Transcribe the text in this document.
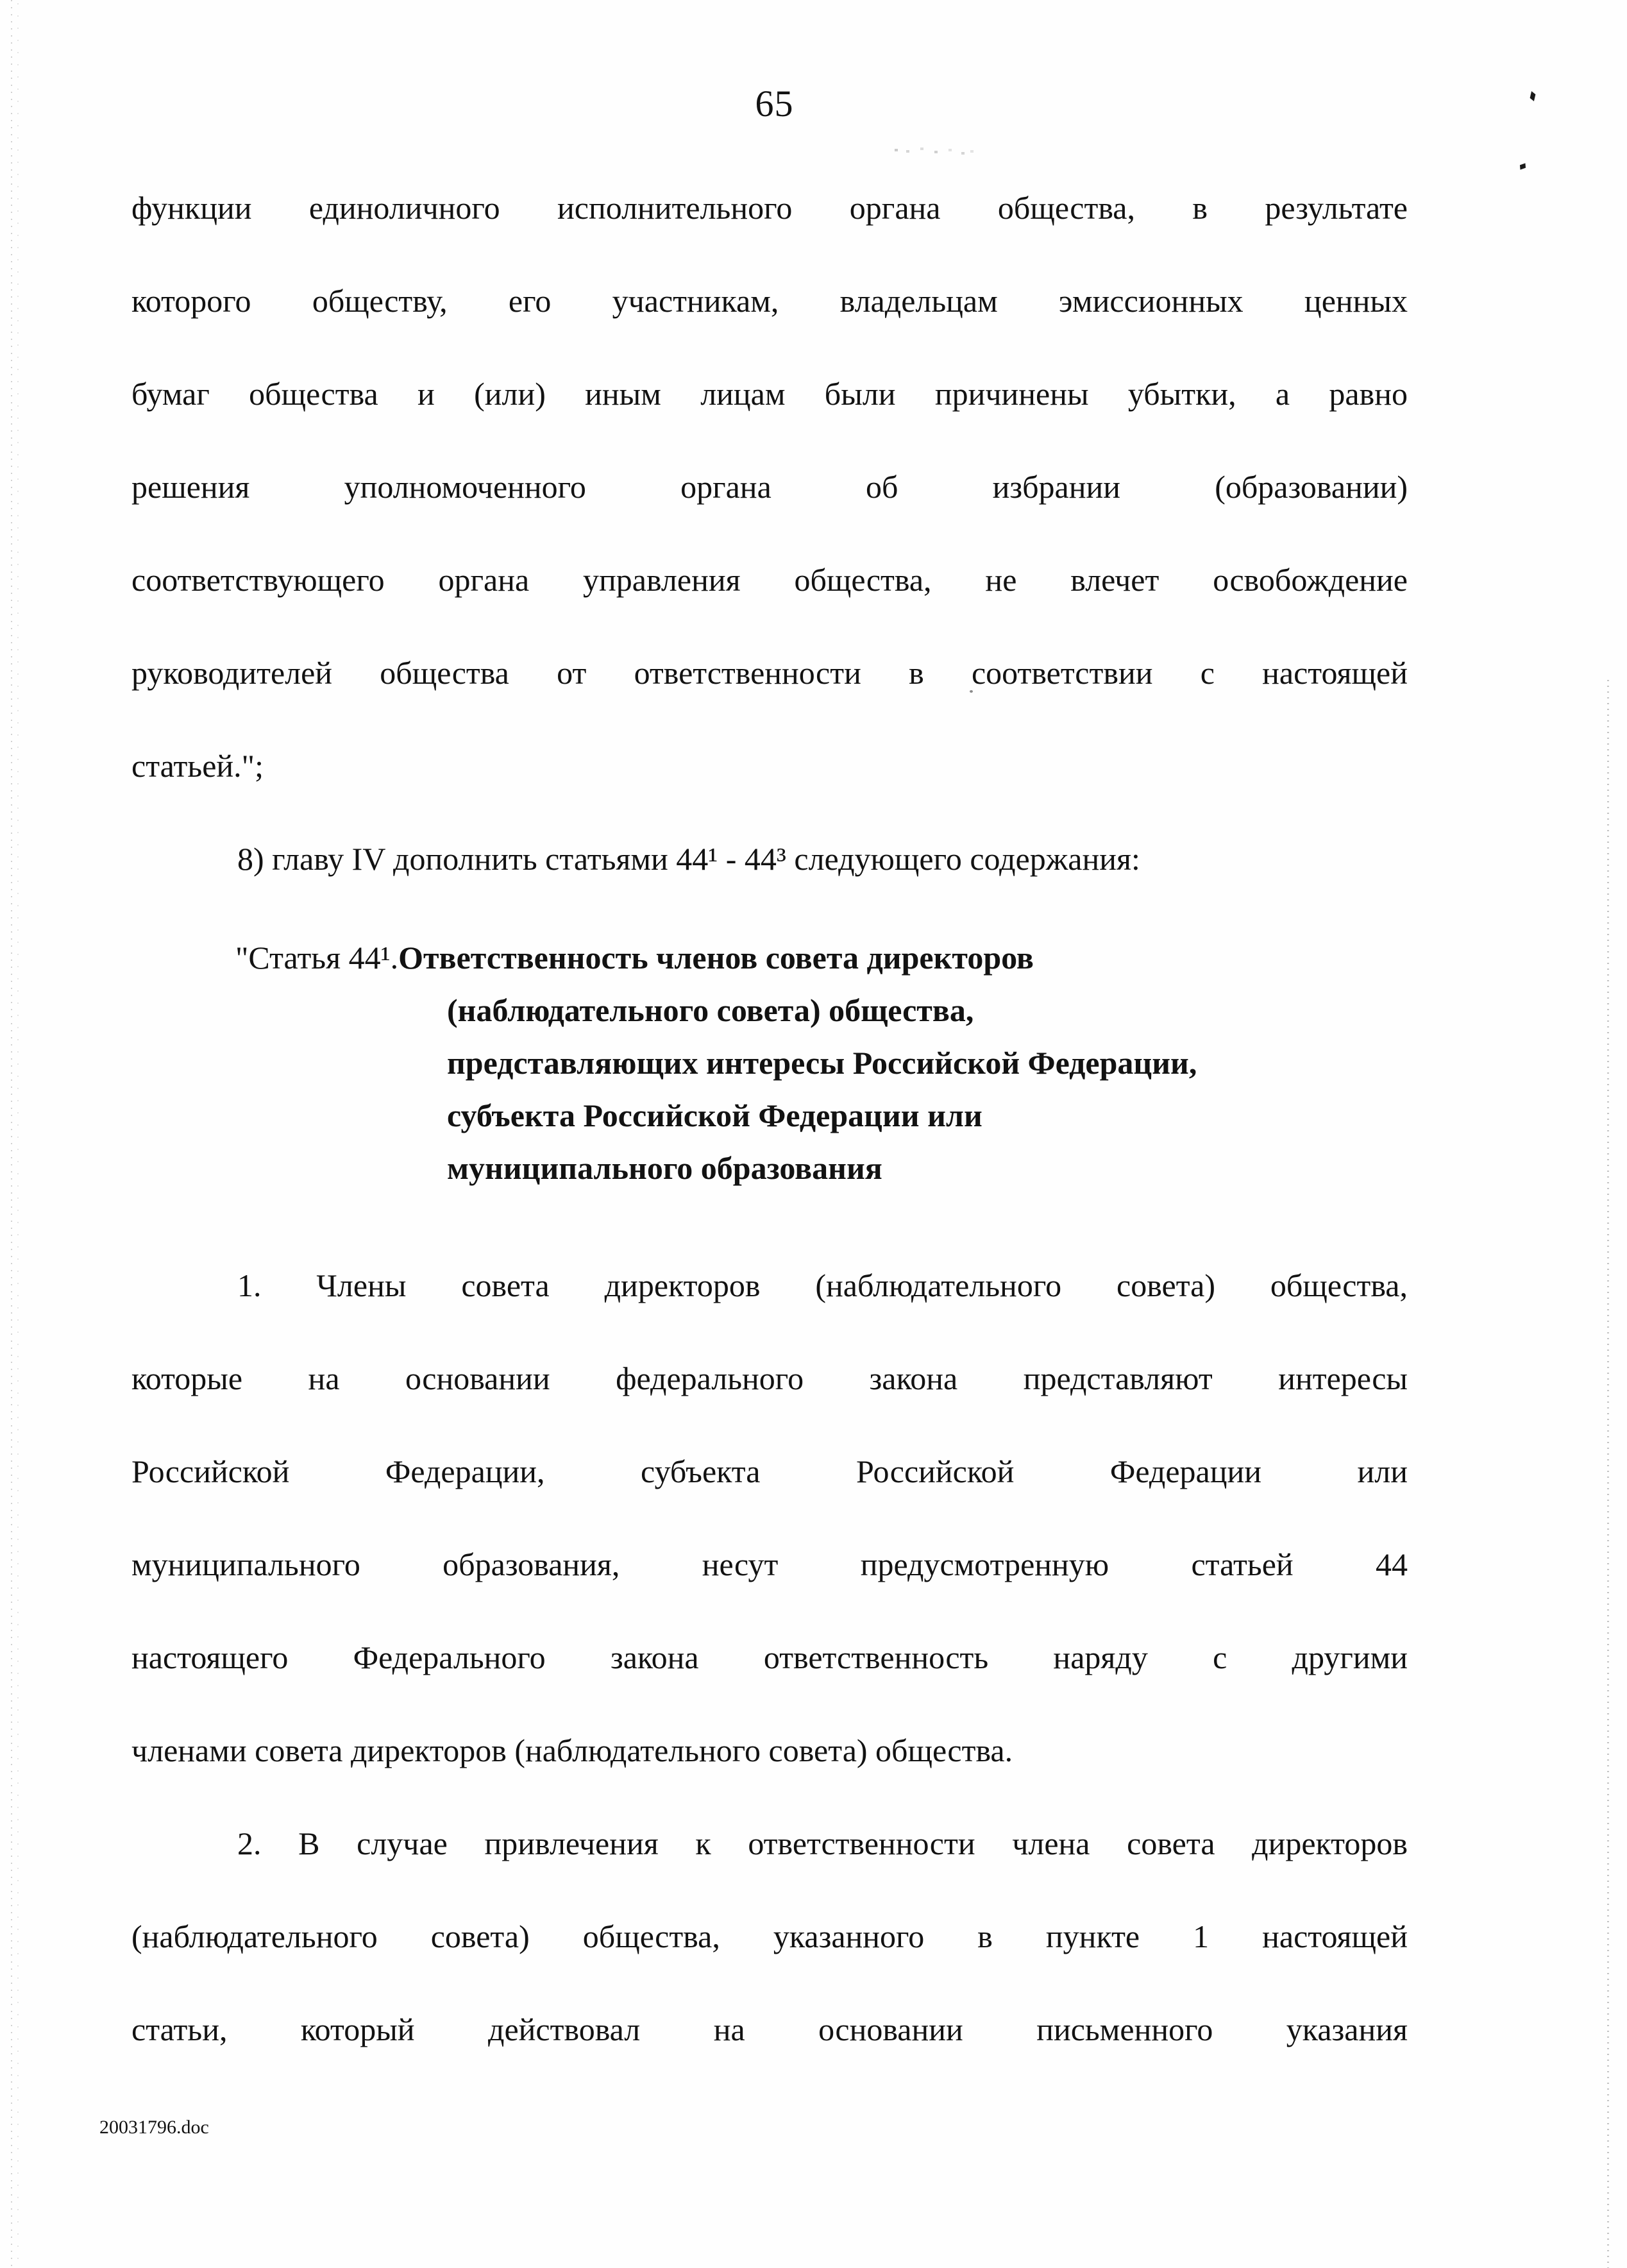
65
функции единоличного исполнительного органа общества, в результате
которого обществу, его участникам, владельцам эмиссионных ценных
бумаг общества и (или) иным лицам были причинены убытки, а равно
решения уполномоченного органа об избрании (образовании)
соответствующего органа управления общества, не влечет освобождение
руководителей общества от ответственности в соответствии с настоящей
статьей.";
8) главу IV дополнить статьями 44¹ - 44³ следующего содержания:
"Статья 44¹.Ответственность членов совета директоров
(наблюдательного совета) общества,
представляющих интересы Российской Федерации,
субъекта Российской Федерации или
муниципального образования
1. Члены совета директоров (наблюдательного совета) общества,
которые на основании федерального закона представляют интересы
Российской Федерации, субъекта Российской Федерации или
муниципального образования, несут предусмотренную статьей 44
настоящего Федерального закона ответственность наряду с другими
членами совета директоров (наблюдательного совета) общества.
2. В случае привлечения к ответственности члена совета директоров
(наблюдательного совета) общества, указанного в пункте 1 настоящей
статьи, который действовал на основании письменного указания
20031796.doc
